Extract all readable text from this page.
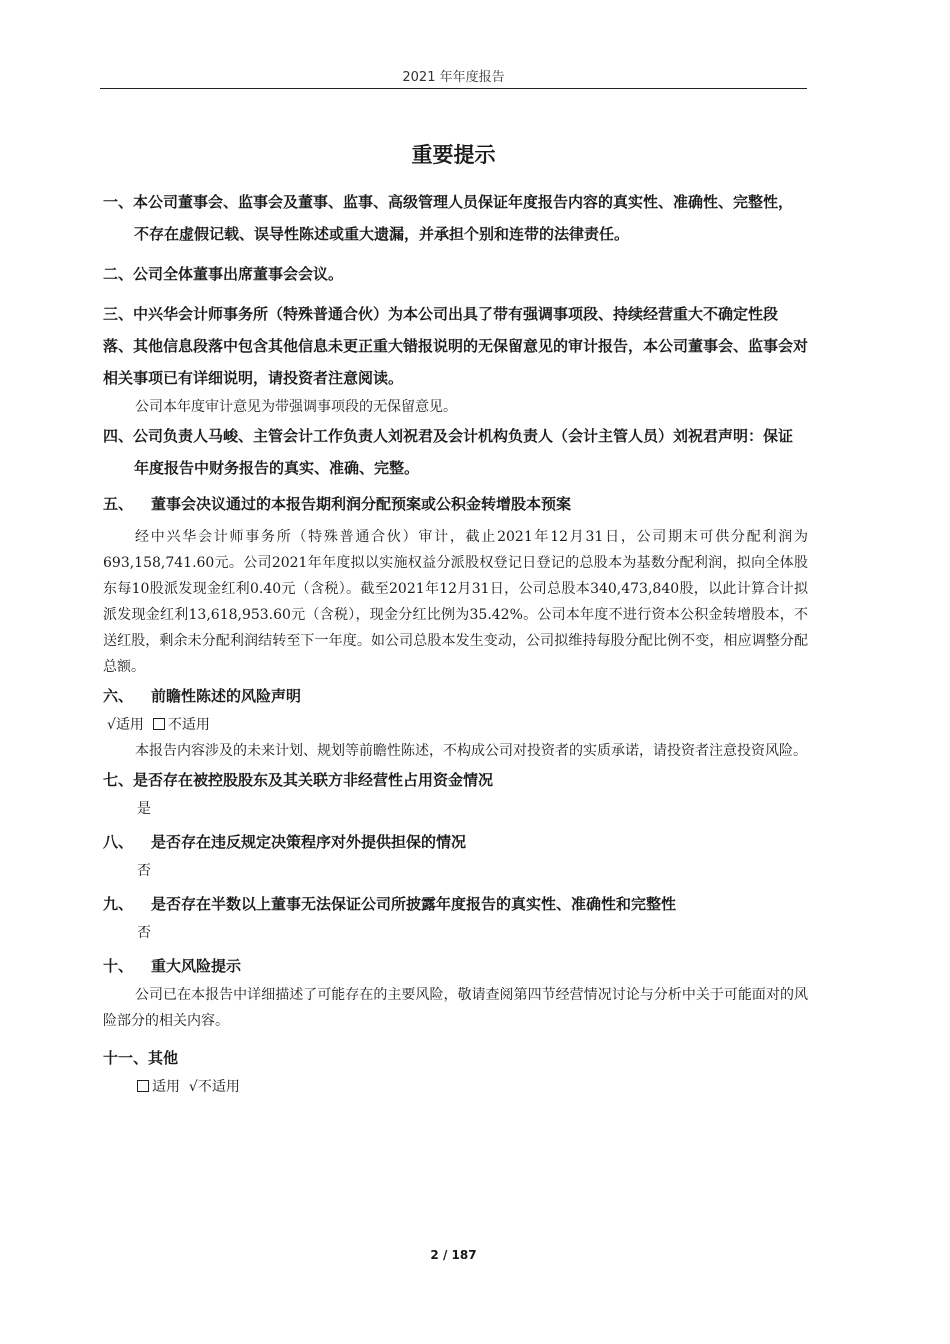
2021 年年度报告
重要提示

一、本公司董事会、监事会及董事、监事、高级管理人员保证年度报告内容的真实性、准确性、完整性，不存在虚假记载、误导性陈述或重大遗漏，并承担个别和连带的法律责任。

二、公司全体董事出席董事会会议。

三、中兴华会计师事务所（特殊普通合伙）为本公司出具了带有强调事项段、持续经营重大不确定性段落、其他信息段落中包含其他信息未更正重大错报说明的无保留意见的审计报告，本公司董事会、监事会对相关事项已有详细说明，请投资者注意阅读。

公司本年度审计意见为带强调事项段的无保留意见。

四、公司负责人马峻、主管会计工作负责人刘祝君及会计机构负责人（会计主管人员）刘祝君声明：保证年度报告中财务报告的真实、准确、完整。

五、 董事会决议通过的本报告期利润分配预案或公积金转增股本预案

经中兴华会计师事务所（特殊普通合伙）审计，截止2021年12月31日，公司期末可供分配利润为693,158,741.60元。公司2021年年度拟以实施权益分派股权登记日登记的总股本为基数分配利润，拟向全体股东每10股派发现金红利0.40元（含税）。截至2021年12月31日，公司总股本340,473,840股，以此计算合计拟派发现金红利13,618,953.60元（含税），现金分红比例为35.42%。公司本年度不进行资本公积金转增股本，不送红股，剩余未分配利润结转至下一年度。如公司总股本发生变动，公司拟维持每股分配比例不变，相应调整分配总额。

六、 前瞻性陈述的风险声明

√适用 不适用

本报告内容涉及的未来计划、规划等前瞻性陈述，不构成公司对投资者的实质承诺，请投资者注意投资风险。

七、是否存在被控股股东及其关联方非经营性占用资金情况

是

八、 是否存在违反规定决策程序对外提供担保的情况

否

九、 是否存在半数以上董事无法保证公司所披露年度报告的真实性、准确性和完整性

否

十、 重大风险提示

公司已在本报告中详细描述了可能存在的主要风险，敬请查阅第四节经营情况讨论与分析中关于可能面对的风险部分的相关内容。

十一、其他

适用 √不适用

2 / 187
